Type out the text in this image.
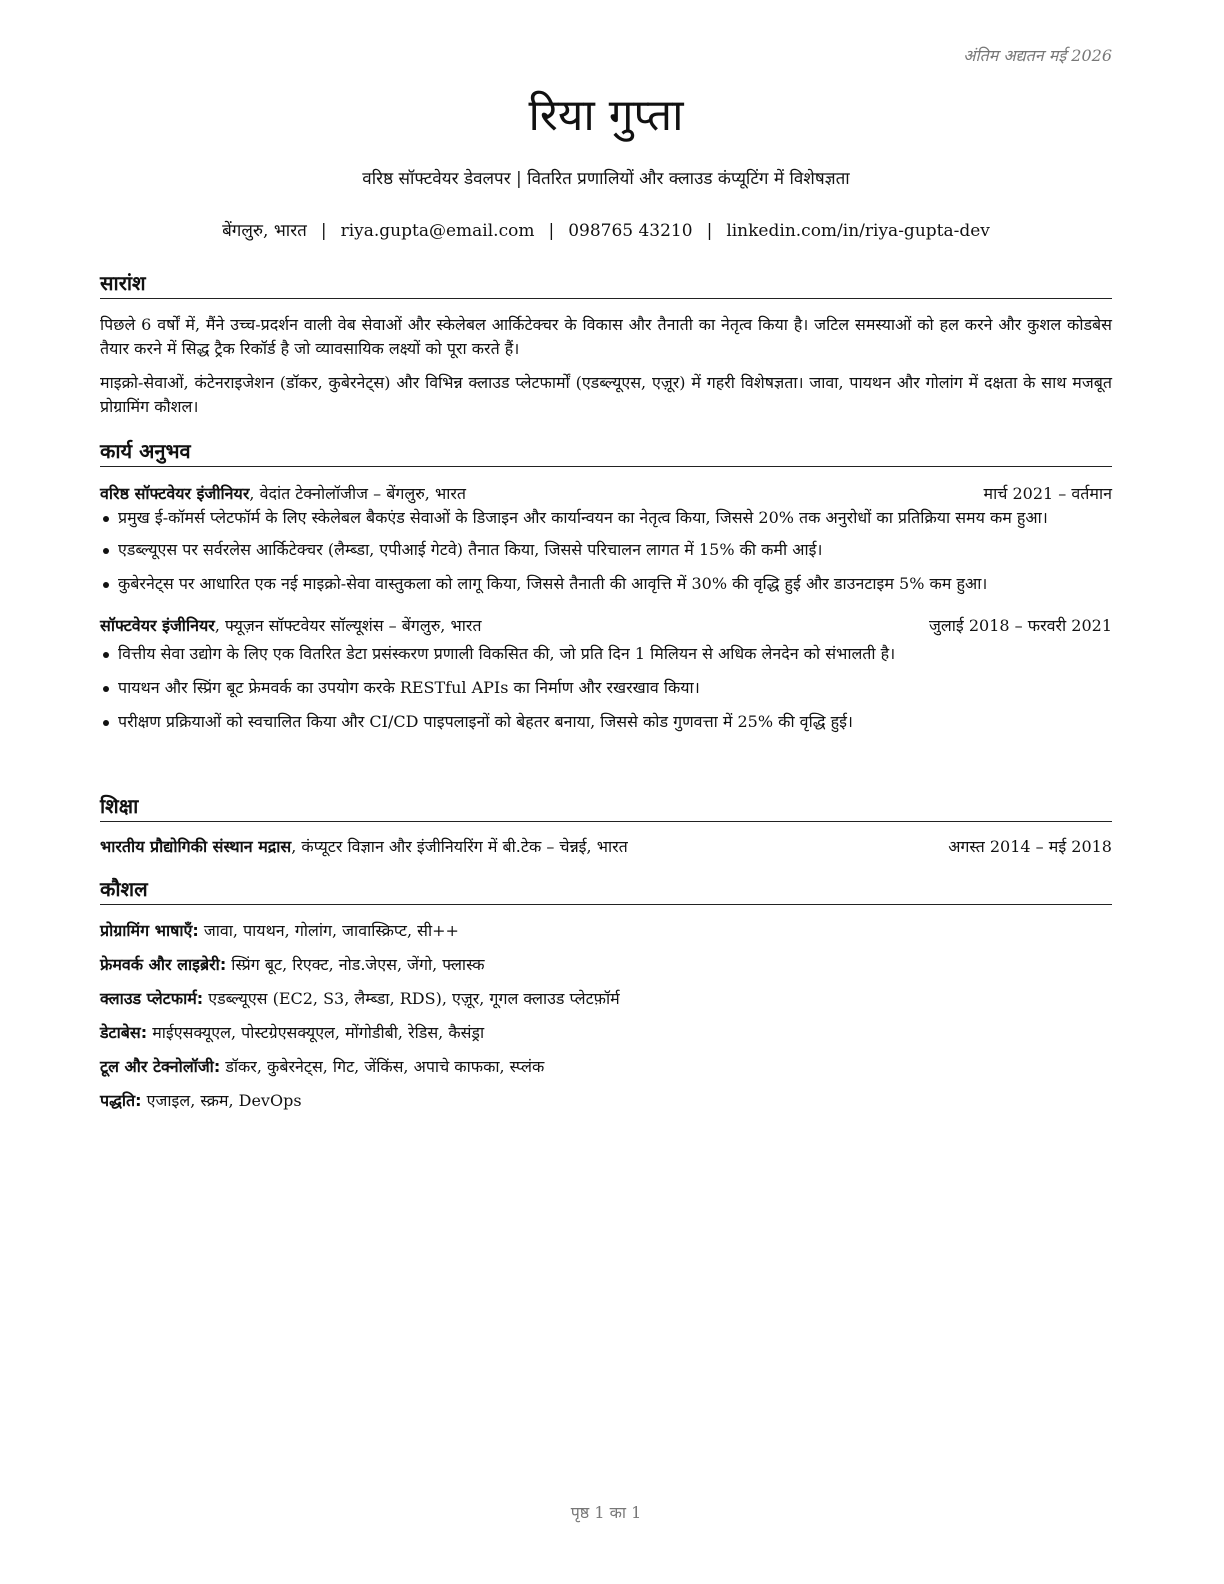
अंतिम अद्यतन मई 2026
रिया गुप्ता
वरिष्ठ सॉफ्टवेयर डेवलपर | वितरित प्रणालियों और क्लाउड कंप्यूटिंग में विशेषज्ञता
बेंगलुरु, भारत | riya.gupta@email.com | 098765 43210 | linkedin.com/in/riya-gupta-dev
सारांश

पिछले 6 वर्षों में, मैंने उच्च-प्रदर्शन वाली वेब सेवाओं और स्केलेबल आर्किटेक्चर के विकास और तैनाती का नेतृत्व किया है। जटिल समस्याओं को हल करने और कुशल कोडबेस तैयार करने में सिद्ध ट्रैक रिकॉर्ड है जो व्यावसायिक लक्ष्यों को पूरा करते हैं।

माइक्रो-सेवाओं, कंटेनराइजेशन (डॉकर, कुबेरनेट्स) और विभिन्न क्लाउड प्लेटफार्मों (एडब्ल्यूएस, एज़ूर) में गहरी विशेषज्ञता। जावा, पायथन और गोलांग में दक्षता के साथ मजबूत प्रोग्रामिंग कौशल।

कार्य अनुभव
वरिष्ठ सॉफ्टवेयर इंजीनियर, वेदांत टेक्नोलॉजीज – बेंगलुरु, भारत	मार्च 2021 – वर्तमान
प्रमुख ई-कॉमर्स प्लेटफॉर्म के लिए स्केलेबल बैकएंड सेवाओं के डिजाइन और कार्यान्वयन का नेतृत्व किया, जिससे 20% तक अनुरोधों का प्रतिक्रिया समय कम हुआ।
एडब्ल्यूएस पर सर्वरलेस आर्किटेक्चर (लैम्ब्डा, एपीआई गेटवे) तैनात किया, जिससे परिचालन लागत में 15% की कमी आई।
कुबेरनेट्स पर आधारित एक नई माइक्रो-सेवा वास्तुकला को लागू किया, जिससे तैनाती की आवृत्ति में 30% की वृद्धि हुई और डाउनटाइम 5% कम हुआ।
सॉफ्टवेयर इंजीनियर, फ्यूज़न सॉफ्टवेयर सॉल्यूशंस – बेंगलुरु, भारत	जुलाई 2018 – फरवरी 2021
वित्तीय सेवा उद्योग के लिए एक वितरित डेटा प्रसंस्करण प्रणाली विकसित की, जो प्रति दिन 1 मिलियन से अधिक लेनदेन को संभालती है।
पायथन और स्प्रिंग बूट फ्रेमवर्क का उपयोग करके RESTful APIs का निर्माण और रखरखाव किया।
परीक्षण प्रक्रियाओं को स्वचालित किया और CI/CD पाइपलाइनों को बेहतर बनाया, जिससे कोड गुणवत्ता में 25% की वृद्धि हुई।
शिक्षा
भारतीय प्रौद्योगिकी संस्थान मद्रास, कंप्यूटर विज्ञान और इंजीनियरिंग में बी.टेक – चेन्नई, भारत	अगस्त 2014 – मई 2018
कौशल
प्रोग्रामिंग भाषाएँ: जावा, पायथन, गोलांग, जावास्क्रिप्ट, सी++
फ्रेमवर्क और लाइब्रेरी: स्प्रिंग बूट, रिएक्ट, नोड.जेएस, जेंगो, फ्लास्क
क्लाउड प्लेटफार्म: एडब्ल्यूएस (EC2, S3, लैम्ब्डा, RDS), एज़ूर, गूगल क्लाउड प्लेटफ़ॉर्म
डेटाबेस: माईएसक्यूएल, पोस्टग्रेएसक्यूएल, मोंगोडीबी, रेडिस, कैसंड्रा
टूल और टेक्नोलॉजी: डॉकर, कुबेरनेट्स, गिट, जेंकिंस, अपाचे काफका, स्प्लंक
पद्धति: एजाइल, स्क्रम, DevOps
पृष्ठ 1 का 1
